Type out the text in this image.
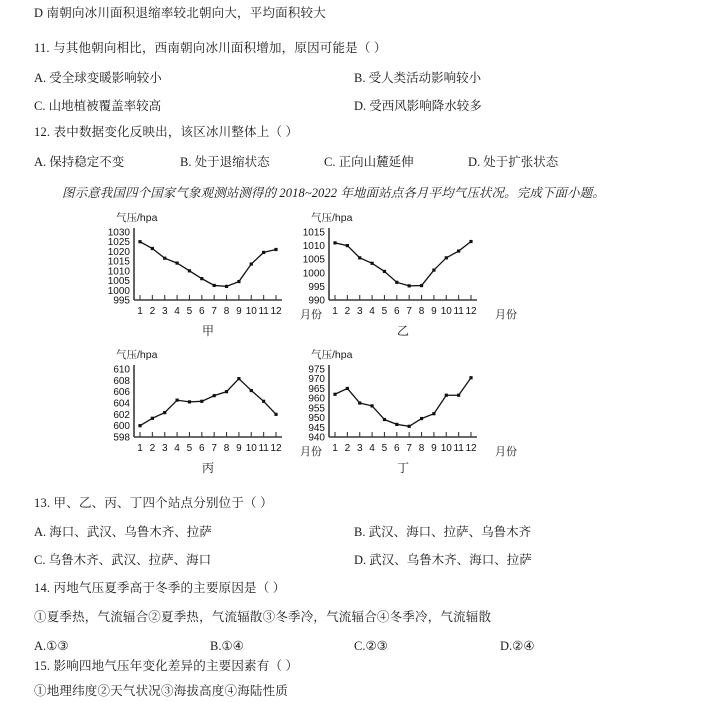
D 南朝向冰川面积退缩率较北朝向大，平均面积较大
11. 与其他朝向相比，西南朝向冰川面积增加，原因可能是（ ）
A. 受全球变暖影响较小	B. 受人类活动影响较小
C. 山地植被覆盖率较高	D. 受西风影响降水较多
12. 表中数据变化反映出，该区冰川整体上（ ）
A. 保持稳定不变	B. 处于退缩状态	C. 正向山麓延伸	D. 处于扩张状态
图示意我国四个国家气象观测站测得的 2018~2022 年地面站点各月平均气压状况。完成下面小题。
气压/hpa
1030
1025
1020
1015
1010
1005
1000
995
1 2 3 4 5 6 7 8 9 10 11 12 月份
甲
气压/hpa
1015
1010
1005
1000
995
990
1 2 3 4 5 6 7 8 9 10 11 12 月份
乙
气压/hpa
610
608
606
604
602
600
598
1 2 3 4 5 6 7 8 9 10 11 12 月份
丙
气压/hpa
975
970
965
960
955
950
945
940
1 2 3 4 5 6 7 8 9 10 11 12 月份
丁
13. 甲、乙、丙、丁四个站点分别位于（ ）
A. 海口、武汉、乌鲁木齐、拉萨	B. 武汉、海口、拉萨、乌鲁木齐
C. 乌鲁木齐、武汉、拉萨、海口	D. 武汉、乌鲁木齐、海口、拉萨
14. 丙地气压夏季高于冬季的主要原因是（ ）
①夏季热，气流辐合②夏季热，气流辐散③冬季冷，气流辐合④冬季冷，气流辐散
A.①③	B.①④	C.②③	D.②④
15. 影响四地气压年变化差异的主要因素有（ ）
①地理纬度②天气状况③海拔高度④海陆性质
